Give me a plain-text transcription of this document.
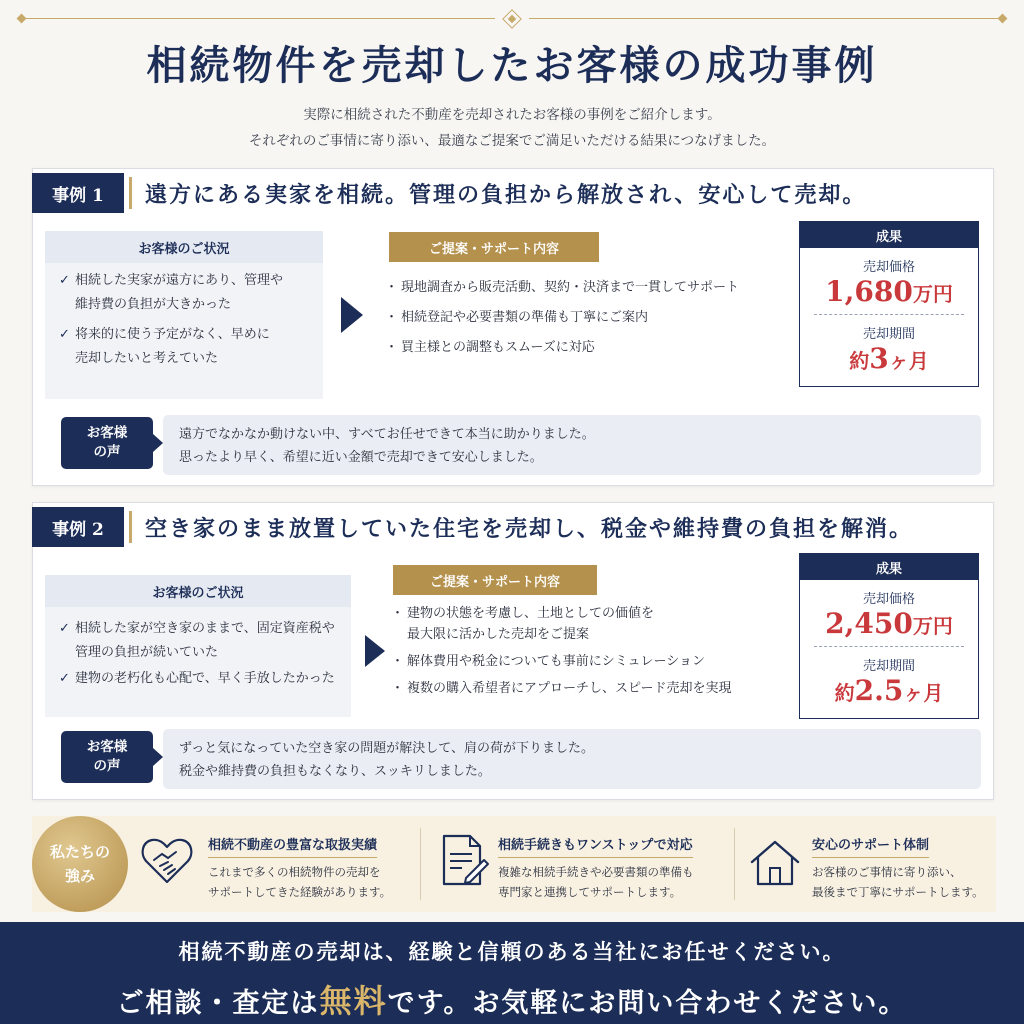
相続物件を売却したお客様の成功事例
実際に相続された不動産を売却されたお客様の事例をご紹介します。
それぞれのご事情に寄り添い、最適なご提案でご満足いただける結果につなげました。
事例 1	遠方にある実家を相続。管理の負担から解放され、安心して売却。
お客様のご状況
✓ 相続した実家が遠方にあり、管理や
維持費の負担が大きかった
✓ 将来的に使う予定がなく、早めに
売却したいと考えていた
ご提案・サポート内容
・ 現地調査から販売活動、契約・決済まで一貫してサポート
・ 相続登記や必要書類の準備も丁寧にご案内
・ 買主様との調整もスムーズに対応
成果
売却価格
1,680万円
売却期間
約3ヶ月
遠方でなかなか動けない中、すべてお任せできて本当に助かりました。
思ったより早く、希望に近い金額で売却できて安心しました。
お客様
の声
事例 2	空き家のまま放置していた住宅を売却し、税金や維持費の負担を解消。
お客様のご状況
✓ 相続した家が空き家のままで、固定資産税や
管理の負担が続いていた
✓ 建物の老朽化も心配で、早く手放したかった
ご提案・サポート内容
・ 建物の状態を考慮し、土地としての価値を
最大限に活かした売却をご提案
・ 解体費用や税金についても事前にシミュレーション
・ 複数の購入希望者にアプローチし、スピード売却を実現
成果
売却価格
2,450万円
売却期間
約2.5ヶ月
ずっと気になっていた空き家の問題が解決して、肩の荷が下りました。
税金や維持費の負担もなくなり、スッキリしました。
お客様
の声
私たちの
強み
相続不動産の豊富な取扱実績
これまで多くの相続物件の売却を
サポートしてきた経験があります。
相続手続きもワンストップで対応
複雑な相続手続きや必要書類の準備も
専門家と連携してサポートします。
安心のサポート体制
お客様のご事情に寄り添い、
最後まで丁寧にサポートします。
相続不動産の売却は、経験と信頼のある当社にお任せください。
ご相談・査定は無料です。お気軽にお問い合わせください。
